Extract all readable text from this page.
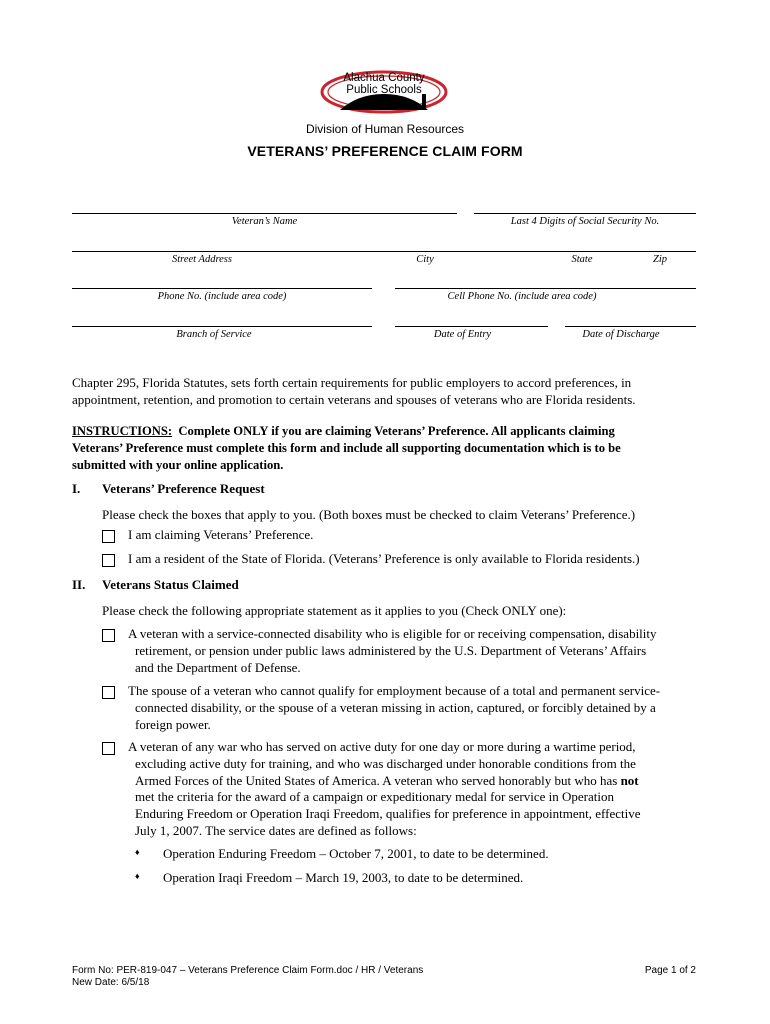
Alachua County
Public Schools
Division of Human Resources
VETERANS’ PREFERENCE CLAIM FORM
Veteran’s Name	Last 4 Digits of Social Security No.
Street Address	City	State	Zip
Phone No. (include area code)	Cell Phone No. (include area code)
Branch of Service	Date of Entry	Date of Discharge
Chapter 295, Florida Statutes, sets forth certain requirements for public employers to accord preferences, in
appointment, retention, and promotion to certain veterans and spouses of veterans who are Florida residents.
INSTRUCTIONS: Complete ONLY if you are claiming Veterans’ Preference. All applicants claiming
Veterans’ Preference must complete this form and include all supporting documentation which is to be
submitted with your online application.
I. Veterans’ Preference Request
Please check the boxes that apply to you. (Both boxes must be checked to claim Veterans’ Preference.)
I am claiming Veterans’ Preference.
I am a resident of the State of Florida. (Veterans’ Preference is only available to Florida residents.)
II. Veterans Status Claimed
Please check the following appropriate statement as it applies to you (Check ONLY one):
A veteran with a service-connected disability who is eligible for or receiving compensation, disability
retirement, or pension under public laws administered by the U.S. Department of Veterans’ Affairs
and the Department of Defense.
The spouse of a veteran who cannot qualify for employment because of a total and permanent service-
connected disability, or the spouse of a veteran missing in action, captured, or forcibly detained by a
foreign power.
A veteran of any war who has served on active duty for one day or more during a wartime period,
excluding active duty for training, and who was discharged under honorable conditions from the
Armed Forces of the United States of America. A veteran who served honorably but who has not
met the criteria for the award of a campaign or expeditionary medal for service in Operation
Enduring Freedom or Operation Iraqi Freedom, qualifies for preference in appointment, effective
July 1, 2007. The service dates are defined as follows:
♦ Operation Enduring Freedom – October 7, 2001, to date to be determined.
♦ Operation Iraqi Freedom – March 19, 2003, to date to be determined.
Form No: PER-819-047 – Veterans Preference Claim Form.doc / HR / Veterans
New Date: 6/5/18
Page 1 of 2
